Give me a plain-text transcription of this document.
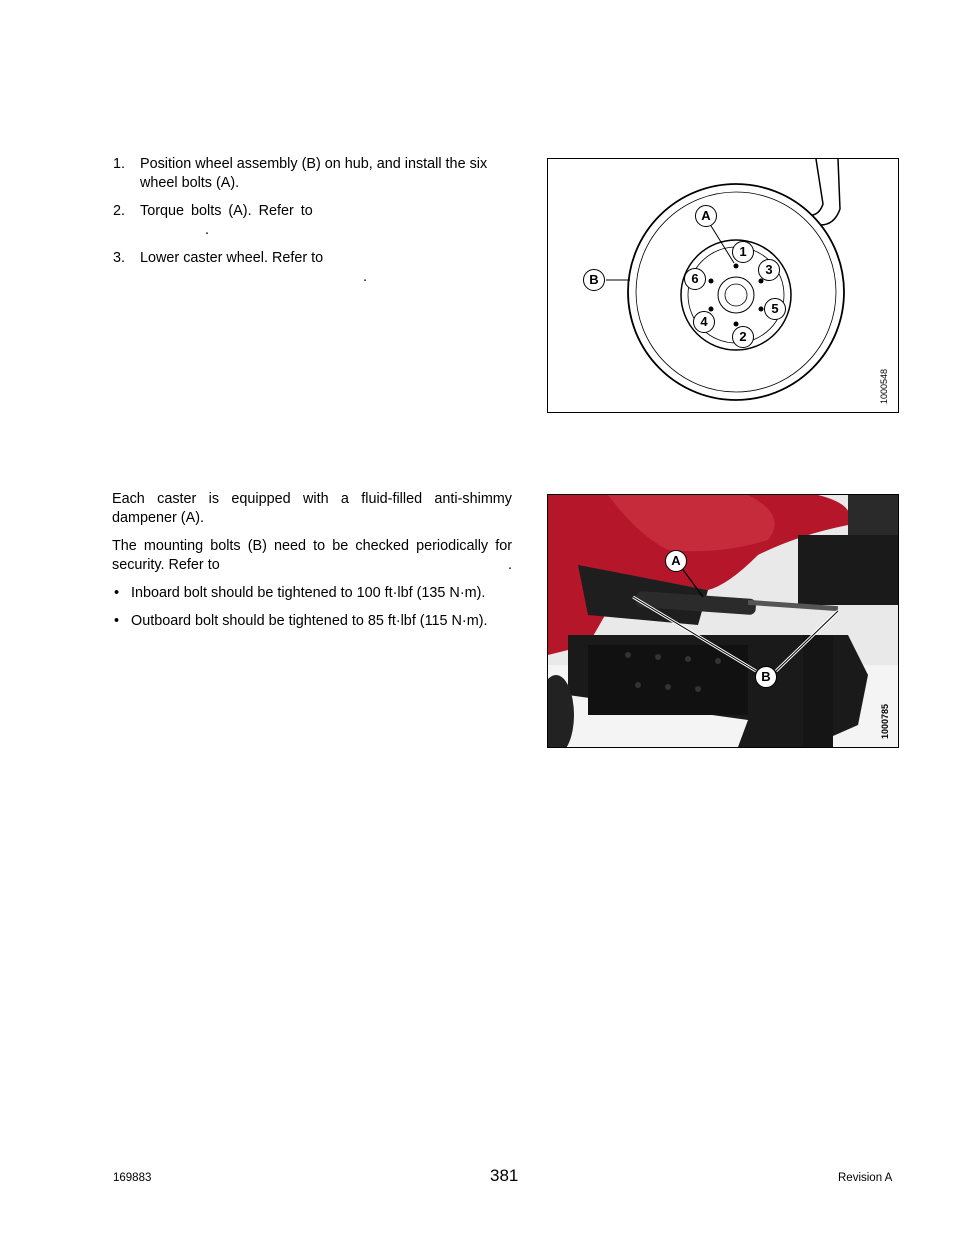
1. Position wheel assembly (B) on hub, and install the six
wheel bolts (A).
2. Torque bolts (A). Refer to
.
3. Lower caster wheel. Refer to
.
A
B
1
2
3
4
5
6
1000548
Each caster is equipped with a fluid-filled anti-shimmy
dampener (A).
The mounting bolts (B) need to be checked periodically for
security. Refer to	.
• Inboard bolt should be tightened to 100 ft·lbf (135 N·m).
• Outboard bolt should be tightened to 85 ft·lbf (115 N·m).
A
B
1000785
169883	381	Revision A
